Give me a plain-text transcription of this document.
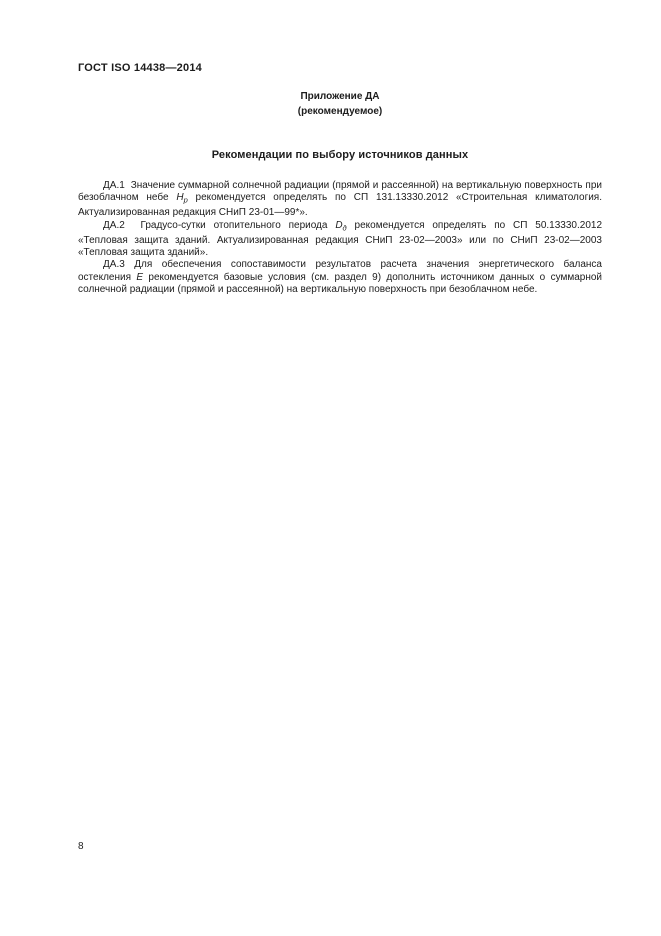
ГОСТ ISO 14438—2014
Приложение ДА
(рекомендуемое)
Рекомендации по выбору источников данных

ДА.1  Значение суммарной солнечной радиации (прямой и рассеянной) на вертикальную поверхность при безоблачном небе $H_р$ рекомендуется определять по СП 131.13330.2012 «Строительная климатология. Актуализированная редакция СНиП 23-01—99*».

ДА.2  Градусо-сутки отопительного периода $D_д$ рекомендуется определять по СП 50.13330.2012 «Тепловая защита зданий. Актуализированная редакция СНиП 23-02—2003» или по СНиП 23-02—2003 «Тепловая защита зданий».

ДА.3 Для обеспечения сопоставимости результатов расчета значения энергетического баланса остекления E рекомендуется базовые условия (см. раздел 9) дополнить источником данных о суммарной солнечной радиации (прямой и рассеянной) на вертикальную поверхность при безоблачном небе.

8
